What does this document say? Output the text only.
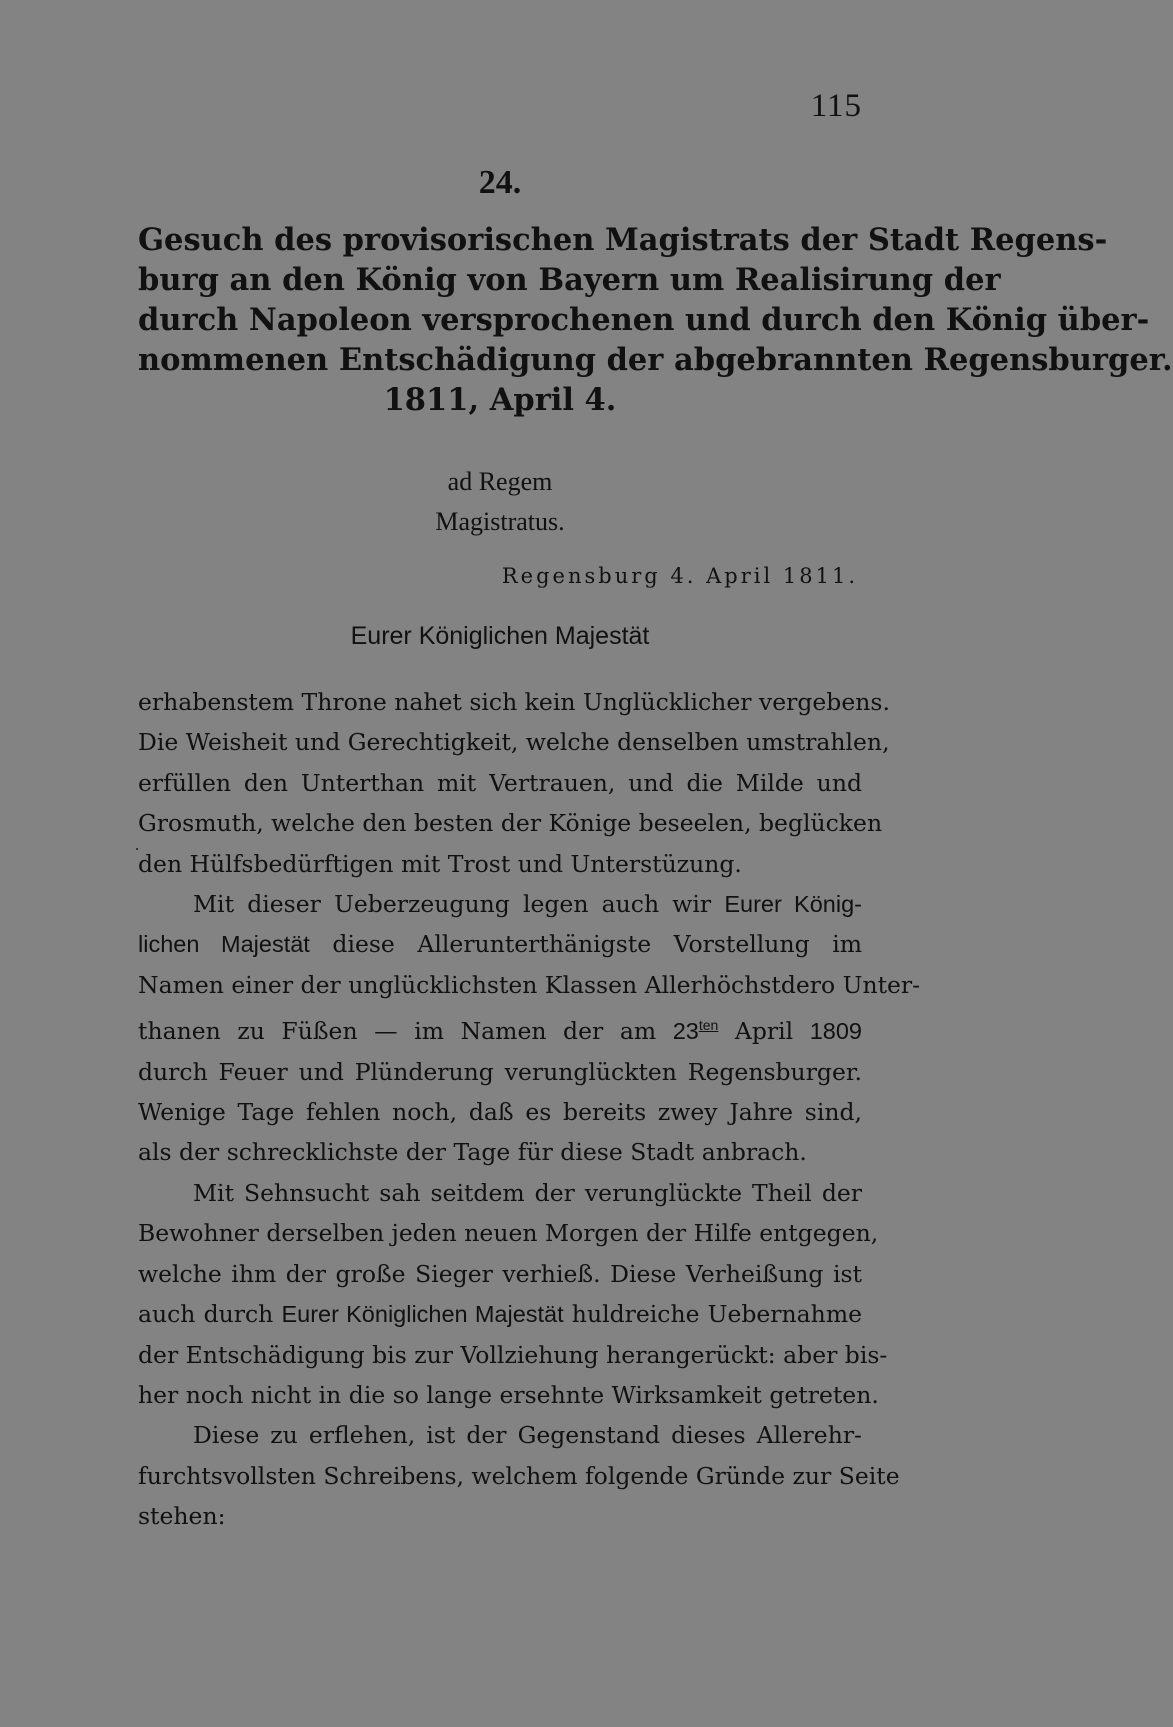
115
24.
Gesuch des provisorischen Magistrats der Stadt Regens-
burg an den König von Bayern um Realisirung der
durch Napoleon versprochenen und durch den König über-
nommenen Entschädigung der abgebrannten Regensburger.
1811, April 4.
ad Regem
Magistratus.
Regensburg 4. April 1811.
Eurer Königlichen Majestät
erhabenstem Throne nahet sich kein Unglücklicher vergebens.
Die Weisheit und Gerechtigkeit, welche denselben umstrahlen,
erfüllen den Unterthan mit Vertrauen, und die Milde und
Grosmuth, welche den besten der Könige beseelen, beglücken
den Hülfsbedürftigen mit Trost und Unterstüzung.
Mit dieser Ueberzeugung legen auch wir Eurer König-
lichen Majestät diese Allerunterthänigste Vorstellung im
Namen einer der unglücklichsten Klassen Allerhöchstdero Unter-
thanen zu Füßen — im Namen der am $23^{ten}$ April 1809
durch Feuer und Plünderung verunglückten Regensburger.
Wenige Tage fehlen noch, daß es bereits zwey Jahre sind,
als der schrecklichste der Tage für diese Stadt anbrach.
Mit Sehnsucht sah seitdem der verunglückte Theil der
Bewohner derselben jeden neuen Morgen der Hilfe entgegen,
welche ihm der große Sieger verhieß. Diese Verheißung ist
auch durch Eurer Königlichen Majestät huldreiche Uebernahme
der Entschädigung bis zur Vollziehung herangerückt: aber bis-
her noch nicht in die so lange ersehnte Wirksamkeit getreten.
Diese zu erflehen, ist der Gegenstand dieses Allerehr-
furchtsvollsten Schreibens, welchem folgende Gründe zur Seite
stehen:
